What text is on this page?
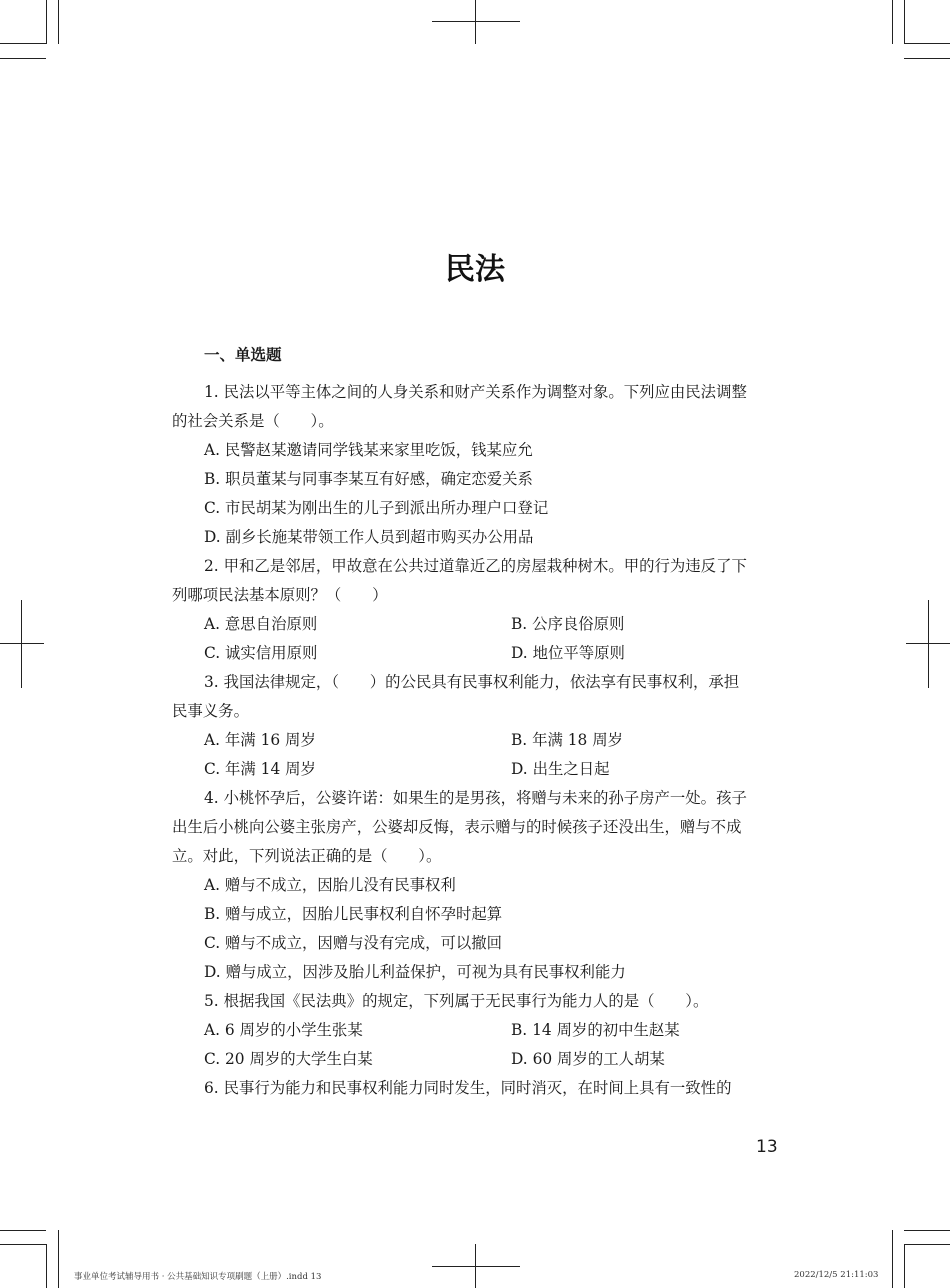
民法
一、单选题
1. 民法以平等主体之间的人身关系和财产关系作为调整对象。下列应由民法调整
的社会关系是（　　）。
A. 民警赵某邀请同学钱某来家里吃饭，钱某应允
B. 职员董某与同事李某互有好感，确定恋爱关系
C. 市民胡某为刚出生的儿子到派出所办理户口登记
D. 副乡长施某带领工作人员到超市购买办公用品
2. 甲和乙是邻居，甲故意在公共过道靠近乙的房屋栽种树木。甲的行为违反了下
列哪项民法基本原则？（　　）
A. 意思自治原则	B. 公序良俗原则
C. 诚实信用原则	D. 地位平等原则
3. 我国法律规定，（　　）的公民具有民事权利能力，依法享有民事权利，承担
民事义务。
A. 年满 16 周岁	B. 年满 18 周岁
C. 年满 14 周岁	D. 出生之日起
4. 小桃怀孕后，公婆许诺：如果生的是男孩，将赠与未来的孙子房产一处。孩子
出生后小桃向公婆主张房产，公婆却反悔，表示赠与的时候孩子还没出生，赠与不成
立。对此，下列说法正确的是（　　）。
A. 赠与不成立，因胎儿没有民事权利
B. 赠与成立，因胎儿民事权利自怀孕时起算
C. 赠与不成立，因赠与没有完成，可以撤回
D. 赠与成立，因涉及胎儿利益保护，可视为具有民事权利能力
5. 根据我国《民法典》的规定，下列属于无民事行为能力人的是（　　）。
A. 6 周岁的小学生张某	B. 14 周岁的初中生赵某
C. 20 周岁的大学生白某	D. 60 周岁的工人胡某
6. 民事行为能力和民事权利能力同时发生，同时消灭，在时间上具有一致性的
13
事业单位考试辅导用书 · 公共基础知识专项刷题（上册）.indd 13	2022/12/5 21:11:03
